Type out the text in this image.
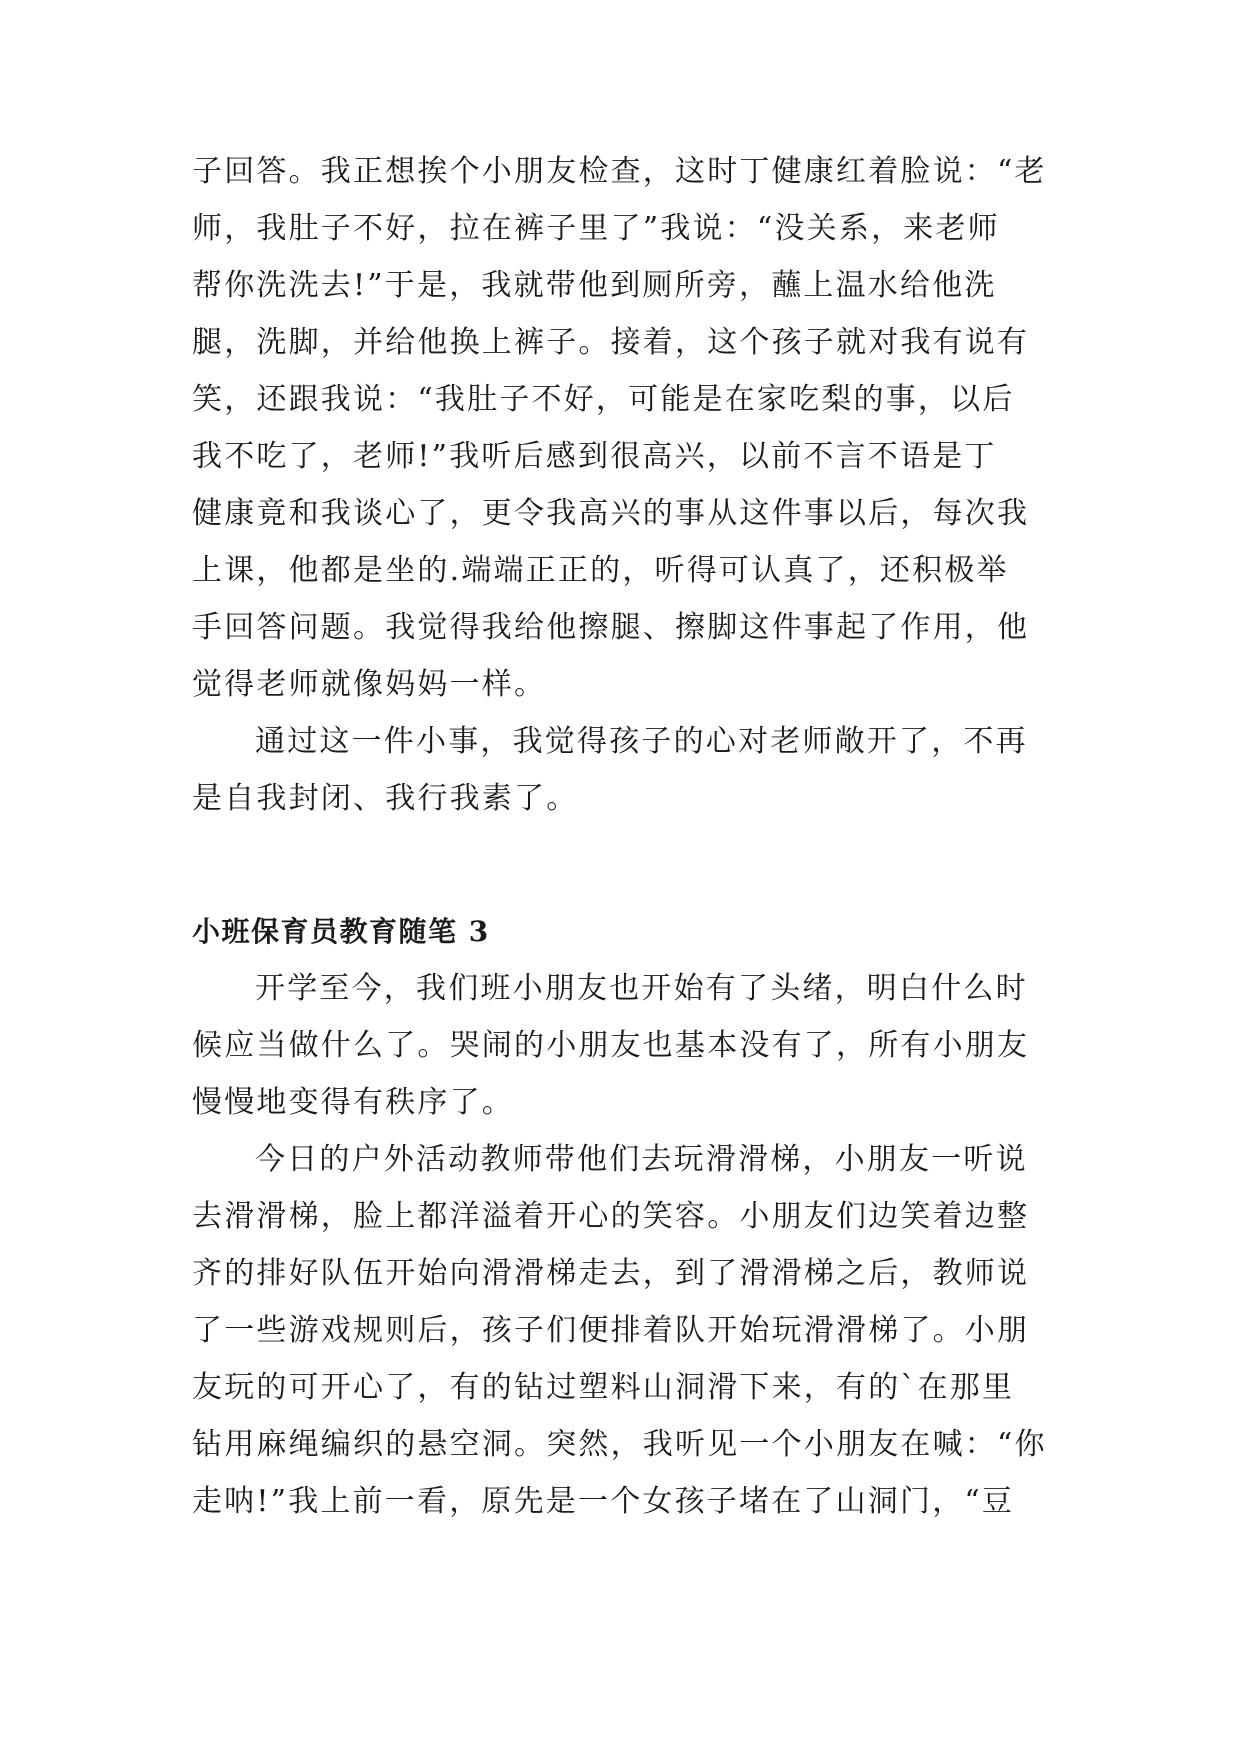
子回答。我正想挨个小朋友检查，这时丁健康红着脸说：“老

师，我肚子不好，拉在裤子里了”我说：“没关系，来老师

帮你洗洗去!”于是，我就带他到厕所旁，蘸上温水给他洗

腿，洗脚，并给他换上裤子。接着，这个孩子就对我有说有

笑，还跟我说：“我肚子不好，可能是在家吃梨的事，以后

我不吃了，老师!”我听后感到很高兴，以前不言不语是丁

健康竟和我谈心了，更令我高兴的事从这件事以后，每次我

上课，他都是坐的.端端正正的，听得可认真了，还积极举

手回答问题。我觉得我给他擦腿、擦脚这件事起了作用，他

觉得老师就像妈妈一样。

通过这一件小事，我觉得孩子的心对老师敞开了，不再

是自我封闭、我行我素了。

小班保育员教育随笔 3

开学至今，我们班小朋友也开始有了头绪，明白什么时

候应当做什么了。哭闹的小朋友也基本没有了，所有小朋友

慢慢地变得有秩序了。

今日的户外活动教师带他们去玩滑滑梯，小朋友一听说

去滑滑梯，脸上都洋溢着开心的笑容。小朋友们边笑着边整

齐的排好队伍开始向滑滑梯走去，到了滑滑梯之后，教师说

了一些游戏规则后，孩子们便排着队开始玩滑滑梯了。小朋

友玩的可开心了，有的钻过塑料山洞滑下来，有的`在那里

钻用麻绳编织的悬空洞。突然，我听见一个小朋友在喊：“你

走呐!”我上前一看，原先是一个女孩子堵在了山洞门，“豆
